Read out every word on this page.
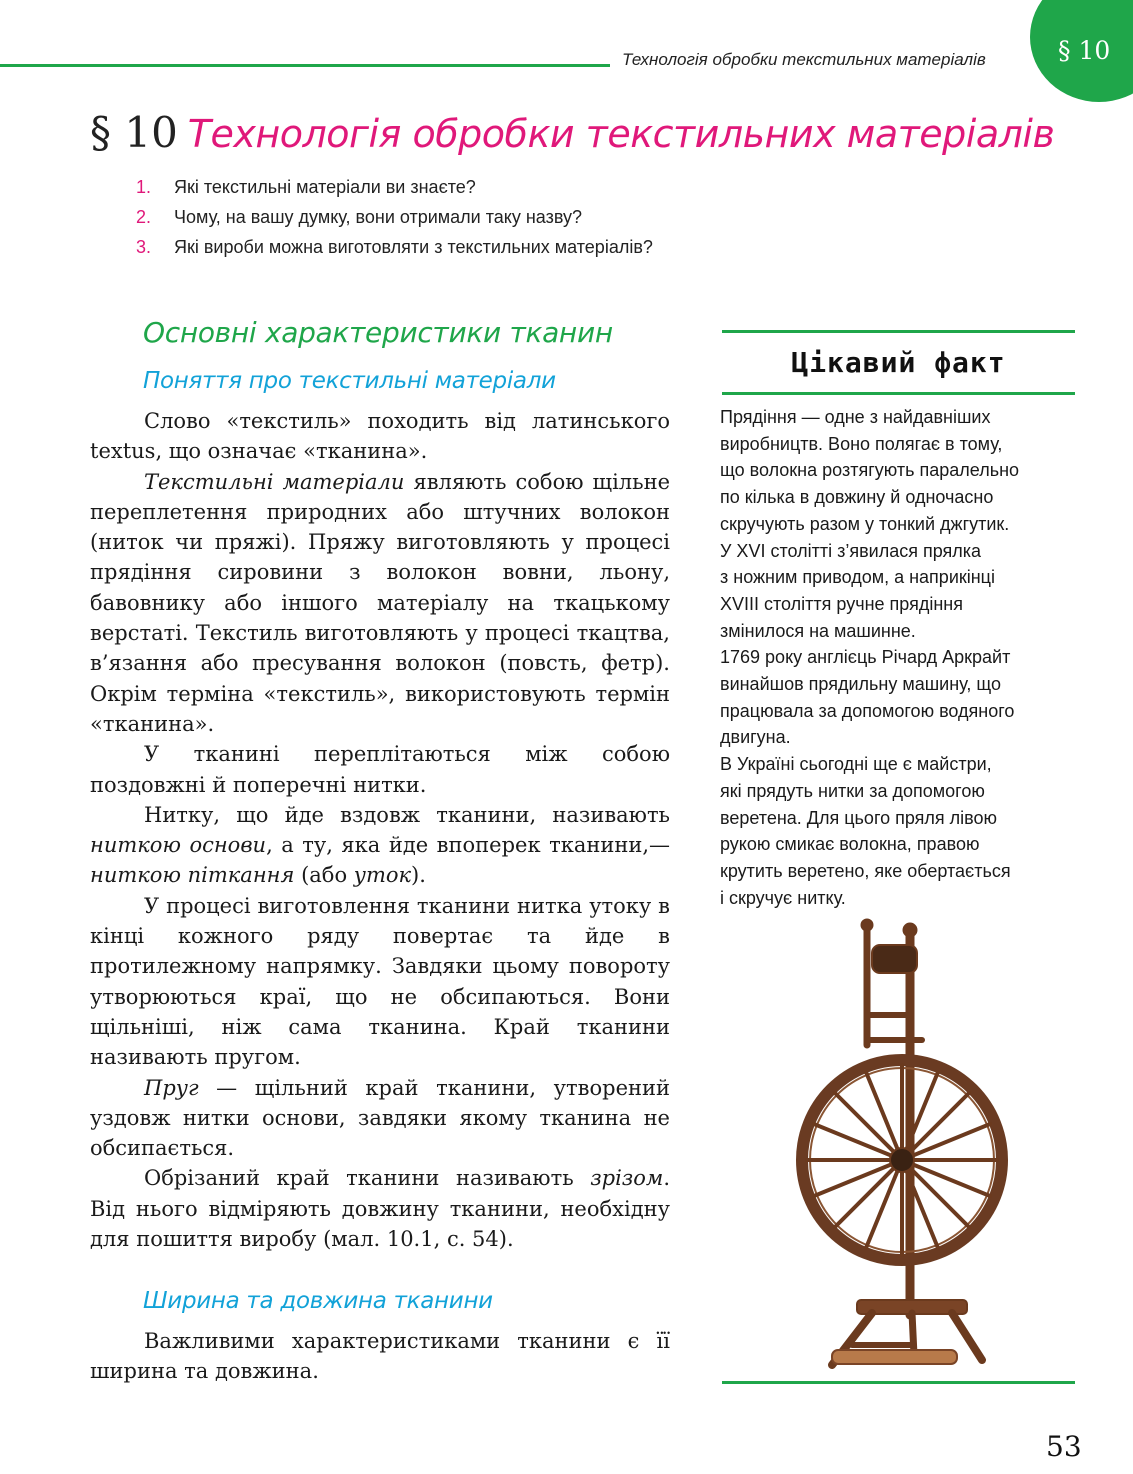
Технологія обробки текстильних матеріалів	§ 10
§ 10 Технологія обробки текстильних матеріалів
1. Які текстильні матеріали ви знаєте?
2. Чому, на вашу думку, вони отримали таку назву?
3. Які вироби можна виготовляти з текстильних матеріалів?
Основні характеристики тканин
Поняття про текстильні матеріали

Слово «текстиль» походить від латинського textus, що означає «тканина».

Текстильні матеріали являють собою щільне переплетення природних або штучних волокон (ниток чи пряжі). Пряжу виготовляють у процесі прядіння сировини з волокон вовни, льону, бавовнику або іншого матеріалу на ткацькому верстаті. Текстиль виготовляють у процесі ткацтва, в’язання або пресування волокон (повсть, фетр). Окрім терміна «текстиль», використовують термін «тканина».

У тканині переплітаються між собою поздовжні й поперечні нитки.

Нитку, що йде вздовж тканини, називають ниткою основи, а ту, яка йде впоперек тканини,— ниткою піткання (або уток).

У процесі виготовлення тканини нитка утоку в кінці кожного ряду повертає та йде в протилежному напрямку. Завдяки цьому повороту утворюються краї, що не обсипаються. Вони щільніші, ніж сама тканина. Край тканини називають пругом.

Пруг — щільний край тканини, утворений уздовж нитки основи, завдяки якому тканина не обсипається.

Обрізаний край тканини називають зрізом. Від нього відміряють довжину тканини, необхідну для пошиття виробу (мал. 10.1, с. 54).

Ширина та довжина тканини

Важливими характеристиками тканини є її ширина та довжина.

Цікавий факт
Прядіння — одне з найдавніших
виробництв. Воно полягає в тому,
що волокна розтягують паралельно
по кілька в довжину й одночасно
скручують разом у тонкий джгутик.
У XVI столітті з’явилася прялка
з ножним приводом, а наприкінці
XVIII століття ручне прядіння
змінилося на машинне.
1769 року англієць Річард Аркрайт
винайшов прядильну машину, що
працювала за допомогою водяного
двигуна.
В Україні сьогодні ще є майстри,
які прядуть нитки за допомогою
веретена. Для цього пряля лівою
рукою смикає волокна, правою
крутить веретено, яке обертається
і скручує нитку.
53
